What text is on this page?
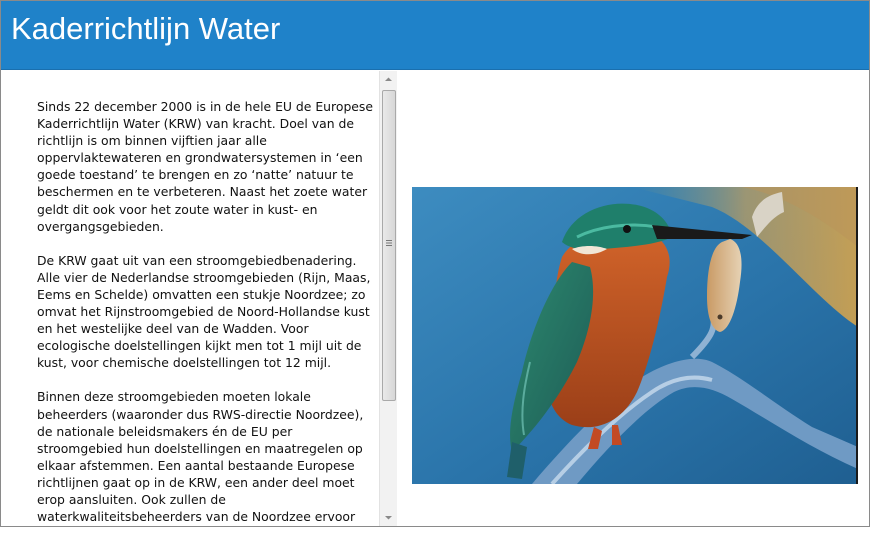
Kaderrichtlijn Water

Sinds 22 december 2000 is in de hele EU de Europese Kaderrichtlijn Water (KRW) van kracht. Doel van de richtlijn is om binnen vijftien jaar alle oppervlaktewateren en grondwatersystemen in ‘een goede toestand’ te brengen en zo ‘natte’ natuur te beschermen en te verbeteren. Naast het zoete water geldt dit ook voor het zoute water in kust- en overgangsgebieden.

De KRW gaat uit van een stroomgebiedbenadering. Alle vier de Nederlandse stroomgebieden (Rijn, Maas, Eems en Schelde) omvatten een stukje Noordzee; zo omvat het Rijnstroomgebied de Noord-Hollandse kust en het westelijke deel van de Wadden. Voor ecologische doelstellingen kijkt men tot 1 mijl uit de kust, voor chemische doelstellingen tot 12 mijl.

Binnen deze stroomgebieden moeten lokale beheerders (waaronder dus RWS-directie Noordzee), de nationale beleidsmakers én de EU per stroomgebied hun doelstellingen en maatregelen op elkaar afstemmen. Een aantal bestaande Europese richtlijnen gaat op in de KRW, een ander deel moet erop aansluiten. Ook zullen de waterkwaliteitsbeheerders van de Noordzee ervoor
